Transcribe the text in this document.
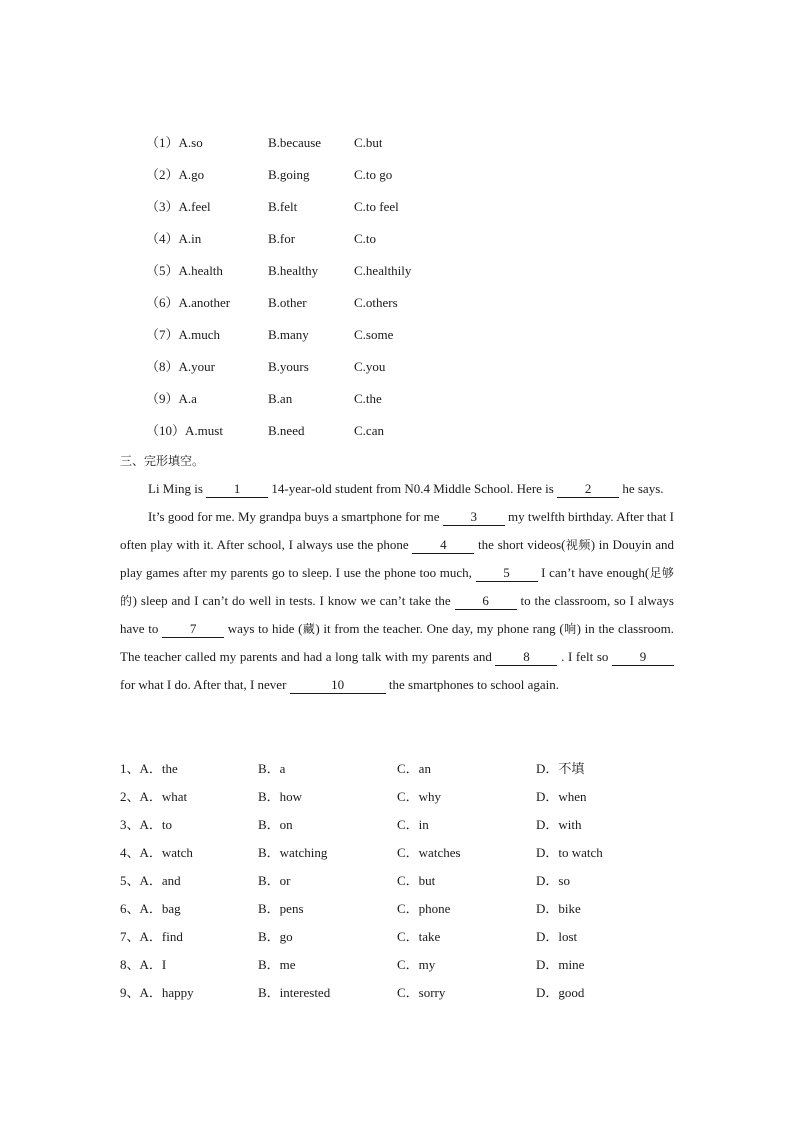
（1）A.so	B.because	C.but
（2）A.go	B.going	C.to go
（3）A.feel	B.felt	C.to feel
（4）A.in	B.for	C.to
（5）A.health	B.healthy	C.healthily
（6）A.another	B.other	C.others
（7）A.much	B.many	C.some
（8）A.your	B.yours	C.you
（9）A.a	B.an	C.the
（10）A.must	B.need	C.can
三、完形填空。

Li Ming is 1 14-year-old student from N0.4 Middle School. Here is 2 he says.

It’s good for me. My grandpa buys a smartphone for me 3 my twelfth birthday. After that I often play with it. After school, I always use the phone 4 the short videos(视频) in Douyin and play games after my parents go to sleep. I use the phone too much, 5 I can’t have enough(足够的) sleep and I can’t do well in tests. I know we can’t take the 6 to the classroom, so I always have to 7 ways to hide (藏) it from the teacher. One day, my phone rang (响) in the classroom. The teacher called my parents and had a long talk with my parents and 8 . I felt so 9 for what I do. After that, I never	10	the smartphones to school again.

1、A．the	B．a	C．an	D．不填
2、A．what	B．how	C．why	D．when
3、A．to	B．on	C．in	D．with
4、A．watch	B．watching	C．watches	D．to watch
5、A．and	B．or	C．but	D．so
6、A．bag	B．pens	C．phone	D．bike
7、A．find	B．go	C．take	D．lost
8、A．I	B．me	C．my	D．mine
9、A．happy	B．interested	C．sorry	D．good
